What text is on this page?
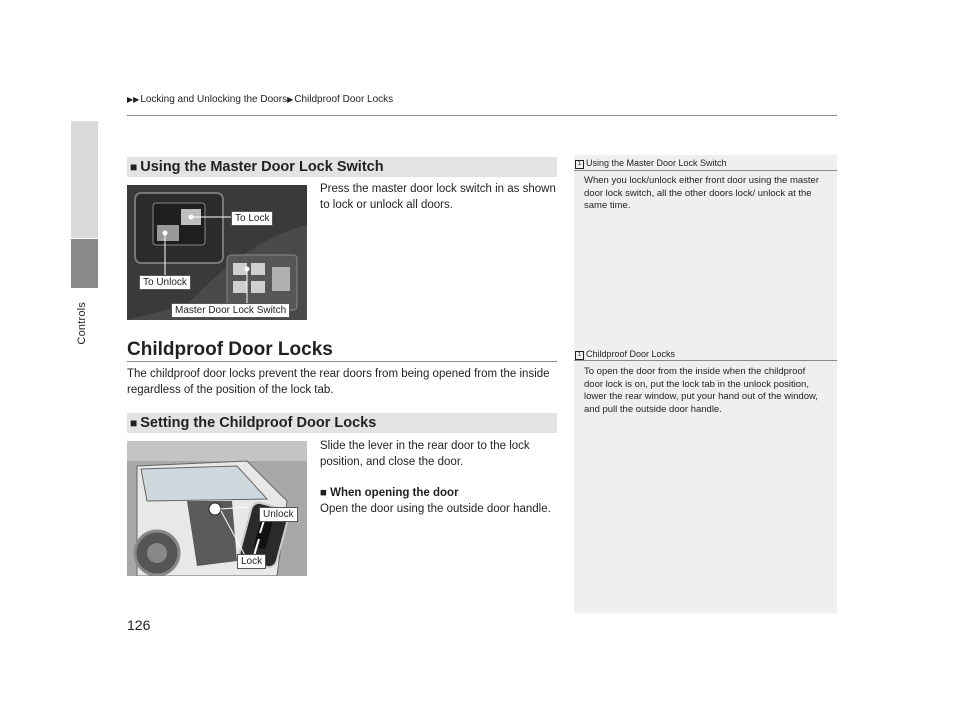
Controls
▶▶Locking and Unlocking the Doors▶Childproof Door Locks
■ Using the Master Door Lock Switch
To Lock
To Unlock
Master Door Lock Switch
Press the master door lock switch in as shown to lock or unlock all doors.
Childproof Door Locks
The childproof door locks prevent the rear doors from being opened from the inside regardless of the position of the lock tab.
■ Setting the Childproof Door Locks
Unlock
Lock
Slide the lever in the rear door to the lock position, and close the door.
■ When opening the door
Open the door using the outside door handle.
1 Using the Master Door Lock Switch
When you lock/unlock either front door using the master door lock switch, all the other doors lock/ unlock at the same time.
1 Childproof Door Locks
To open the door from the inside when the childproof door lock is on, put the lock tab in the unlock position, lower the rear window, put your hand out of the window, and pull the outside door handle.
126
